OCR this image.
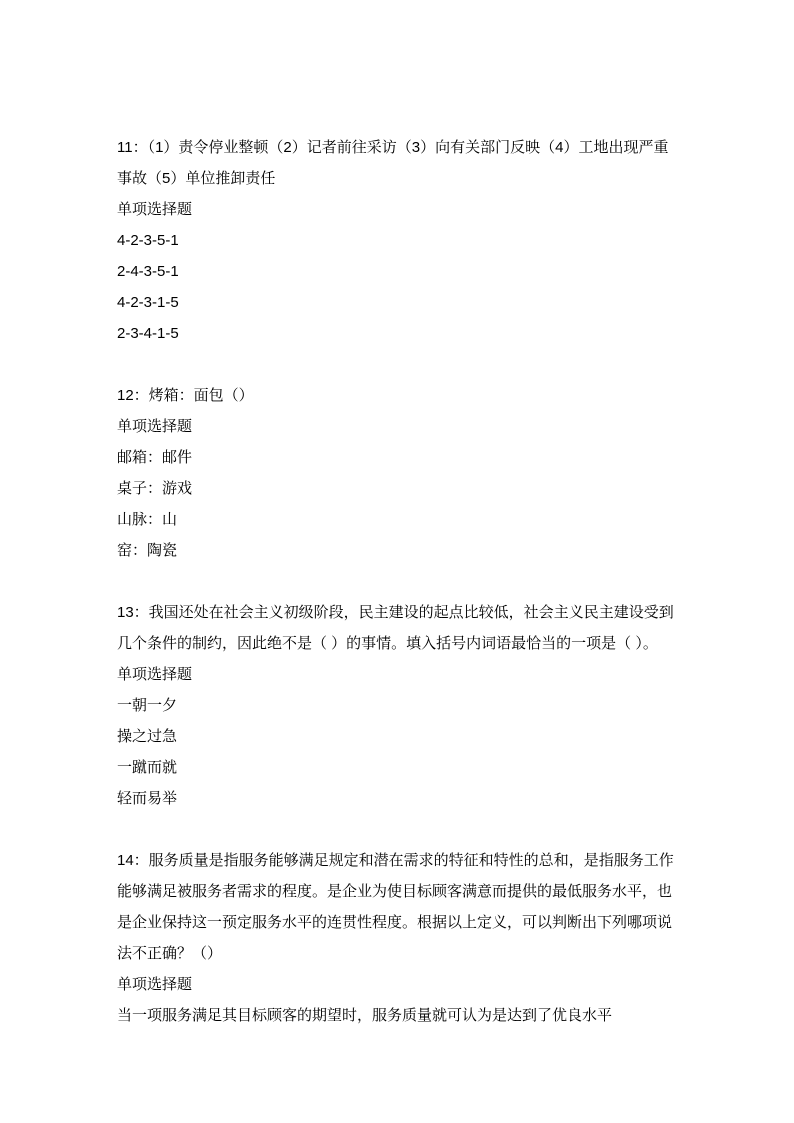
11：（1）责令停业整顿（2）记者前往采访（3）向有关部门反映（4）工地出现严重事故（5）单位推卸责任

单项选择题

4-2-3-5-1

2-4-3-5-1

4-2-3-1-5

2-3-4-1-5

12：烤箱：面包（）

单项选择题

邮箱：邮件

桌子：游戏

山脉：山

窑：陶瓷

13：我国还处在社会主义初级阶段，民主建设的起点比较低，社会主义民主建设受到几个条件的制约，因此绝不是（ ）的事情。填入括号内词语最恰当的一项是（ ）。

单项选择题

一朝一夕

操之过急

一蹴而就

轻而易举

14：服务质量是指服务能够满足规定和潜在需求的特征和特性的总和，是指服务工作能够满足被服务者需求的程度。是企业为使目标顾客满意而提供的最低服务水平，也是企业保持这一预定服务水平的连贯性程度。根据以上定义，可以判断出下列哪项说法不正确？（）

单项选择题

当一项服务满足其目标顾客的期望时，服务质量就可认为是达到了优良水平
